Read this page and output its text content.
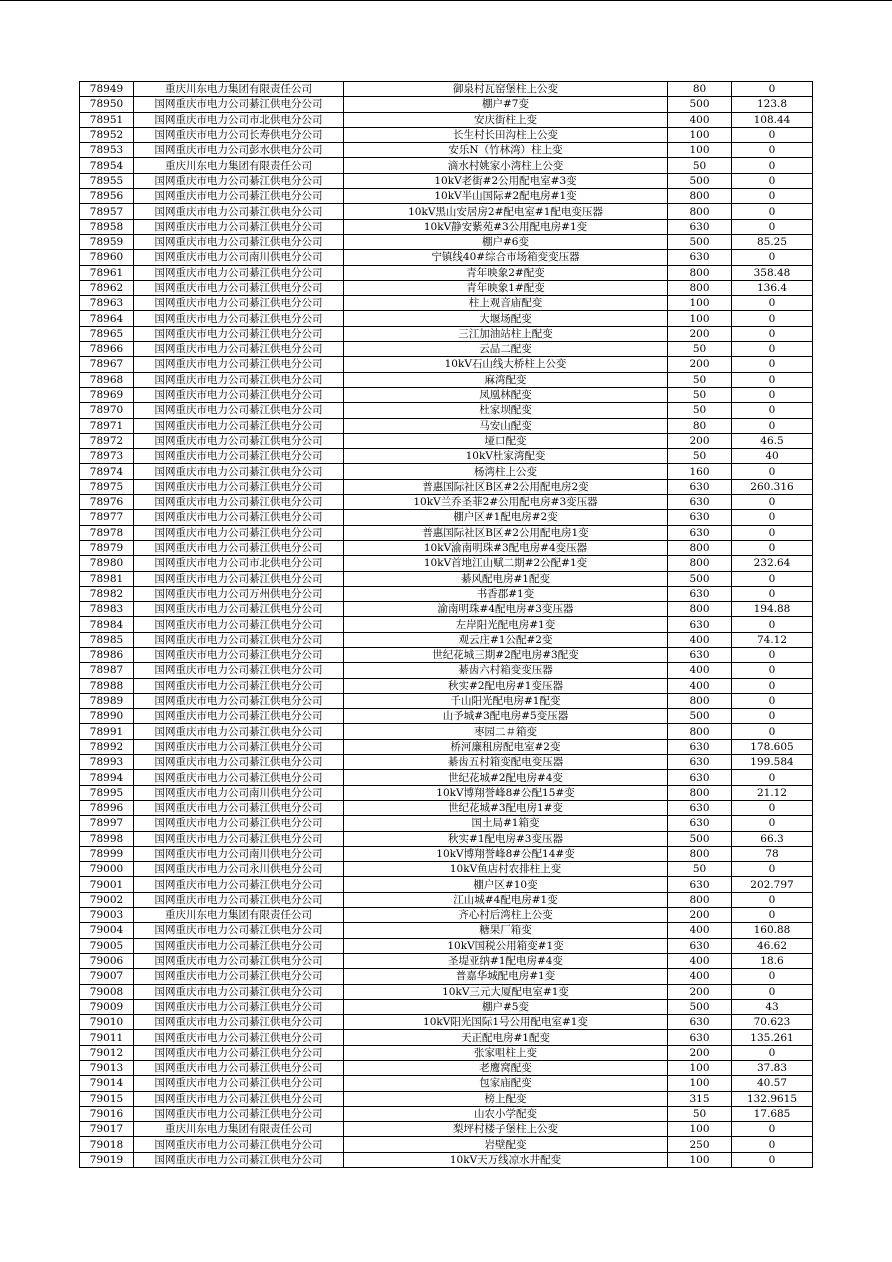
78949	重庆川东电力集团有限责任公司	御泉村瓦窑堡柱上公变	80	0
78950	国网重庆市电力公司綦江供电分公司	棚户#7变	500	123.8
78951	国网重庆市电力公司市北供电分公司	安庆街柱上变	400	108.44
78952	国网重庆市电力公司长寿供电分公司	长生村长田沟柱上公变	100	0
78953	国网重庆市电力公司彭水供电分公司	安乐N（竹林湾）柱上变	100	0
78954	重庆川东电力集团有限责任公司	滴水村姚家小湾柱上公变	50	0
78955	国网重庆市电力公司綦江供电分公司	10kV老街#2公用配电室#3变	500	0
78956	国网重庆市电力公司綦江供电分公司	10kV半山国际#2配电房#1变	800	0
78957	国网重庆市电力公司綦江供电分公司	10kV黑山安居房2#配电室#1配电变压器	800	0
78958	国网重庆市电力公司綦江供电分公司	10kV静安紫苑#3公用配电房#1变	630	0
78959	国网重庆市电力公司綦江供电分公司	棚户#6变	500	85.25
78960	国网重庆市电力公司南川供电分公司	宁镇线40#综合市场箱变变压器	630	0
78961	国网重庆市电力公司綦江供电分公司	青年映象2#配变	800	358.48
78962	国网重庆市电力公司綦江供电分公司	青年映象1#配变	800	136.4
78963	国网重庆市电力公司綦江供电分公司	柱上观音庙配变	100	0
78964	国网重庆市电力公司綦江供电分公司	大堰场配变	100	0
78965	国网重庆市电力公司綦江供电分公司	三江加油站柱上配变	200	0
78966	国网重庆市电力公司綦江供电分公司	云品二配变	50	0
78967	国网重庆市电力公司綦江供电分公司	10kV石山线大桥柱上公变	200	0
78968	国网重庆市电力公司綦江供电分公司	麻湾配变	50	0
78969	国网重庆市电力公司綦江供电分公司	凤凰林配变	50	0
78970	国网重庆市电力公司綦江供电分公司	杜家坝配变	50	0
78971	国网重庆市电力公司綦江供电分公司	马安山配变	80	0
78972	国网重庆市电力公司綦江供电分公司	垭口配变	200	46.5
78973	国网重庆市电力公司綦江供电分公司	10kV杜家湾配变	50	40
78974	国网重庆市电力公司綦江供电分公司	杨湾柱上公变	160	0
78975	国网重庆市电力公司綦江供电分公司	普惠国际社区B区#2公用配电房2变	630	260.316
78976	国网重庆市电力公司綦江供电分公司	10kV兰乔圣菲2#公用配电房#3变压器	630	0
78977	国网重庆市电力公司綦江供电分公司	棚户区#1配电房#2变	630	0
78978	国网重庆市电力公司綦江供电分公司	普惠国际社区B区#2公用配电房1变	630	0
78979	国网重庆市电力公司綦江供电分公司	10kV渝南明珠#3配电房#4变压器	800	0
78980	国网重庆市电力公司市北供电分公司	10kV首地江山赋二期#2公配#1变	800	232.64
78981	国网重庆市电力公司綦江供电分公司	綦风配电房#1配变	500	0
78982	国网重庆市电力公司万州供电分公司	书香郡#1变	630	0
78983	国网重庆市电力公司綦江供电分公司	渝南明珠#4配电房#3变压器	800	194.88
78984	国网重庆市电力公司綦江供电分公司	左岸阳光配电房#1变	630	0
78985	国网重庆市电力公司綦江供电分公司	观云庄#1公配#2变	400	74.12
78986	国网重庆市电力公司綦江供电分公司	世纪花城三期#2配电房#3配变	630	0
78987	国网重庆市电力公司綦江供电分公司	綦齿六村箱变变压器	400	0
78988	国网重庆市电力公司綦江供电分公司	秋实#2配电房#1变压器	400	0
78989	国网重庆市电力公司綦江供电分公司	千山阳光配电房#1配变	800	0
78990	国网重庆市电力公司綦江供电分公司	山予城#3配电房#5变压器	500	0
78991	国网重庆市电力公司綦江供电分公司	枣园二＃箱变	800	0
78992	国网重庆市电力公司綦江供电分公司	桥河廉租房配电室#2变	630	178.605
78993	国网重庆市电力公司綦江供电分公司	綦齿五村箱变配电变压器	630	199.584
78994	国网重庆市电力公司綦江供电分公司	世纪花城#2配电房#4变	630	0
78995	国网重庆市电力公司南川供电分公司	10kV博翔誉峰8#公配15#变	800	21.12
78996	国网重庆市电力公司綦江供电分公司	世纪花城#3配电房1#变	630	0
78997	国网重庆市电力公司綦江供电分公司	国土局#1箱变	630	0
78998	国网重庆市电力公司綦江供电分公司	秋实#1配电房#3变压器	500	66.3
78999	国网重庆市电力公司南川供电分公司	10kV博翔誉峰8#公配14#变	800	78
79000	国网重庆市电力公司永川供电分公司	10kV鱼店村农排柱上变	50	0
79001	国网重庆市电力公司綦江供电分公司	棚户区#10变	630	202.797
79002	国网重庆市电力公司綦江供电分公司	江山城#4配电房#1变	800	0
79003	重庆川东电力集团有限责任公司	齐心村后湾柱上公变	200	0
79004	国网重庆市电力公司綦江供电分公司	糖果厂箱变	400	160.88
79005	国网重庆市电力公司綦江供电分公司	10kV国税公用箱变#1变	630	46.62
79006	国网重庆市电力公司綦江供电分公司	圣堤亚纳#1配电房#4变	400	18.6
79007	国网重庆市电力公司綦江供电分公司	普嘉华城配电房#1变	400	0
79008	国网重庆市电力公司綦江供电分公司	10kV三元大厦配电室#1变	200	0
79009	国网重庆市电力公司綦江供电分公司	棚户#5变	500	43
79010	国网重庆市电力公司綦江供电分公司	10kV阳光国际1号公用配电室#1变	630	70.623
79011	国网重庆市电力公司綦江供电分公司	天正配电房#1配变	630	135.261
79012	国网重庆市电力公司綦江供电分公司	张家咀柱上变	200	0
79013	国网重庆市电力公司綦江供电分公司	老鹰窝配变	100	37.83
79014	国网重庆市电力公司綦江供电分公司	包家庙配变	100	40.57
79015	国网重庆市电力公司綦江供电分公司	榜上配变	315	132.9615
79016	国网重庆市电力公司綦江供电分公司	山农小学配变	50	17.685
79017	重庆川东电力集团有限责任公司	梨坪村楼子堡柱上公变	100	0
79018	国网重庆市电力公司綦江供电分公司	岩壁配变	250	0
79019	国网重庆市电力公司綦江供电分公司	10kV天万线凉水井配变	100	0
